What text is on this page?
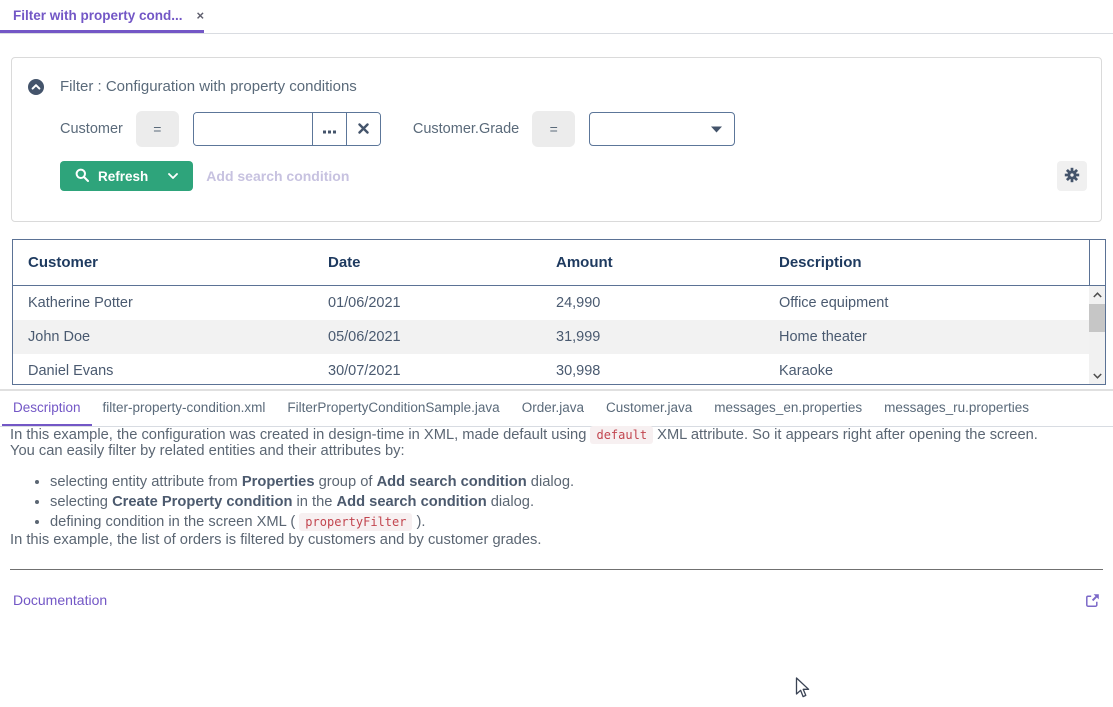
Filter with property cond... ×
Filter : Configuration with property conditions
Customer	=	Customer.Grade	=
Refresh	Add search condition
Customer	Date	Amount	Description
Katherine Potter	01/06/2021	24,990	Office equipment
John Doe	05/06/2021	31,999	Home theater
Daniel Evans	30/07/2021	30,998	Karaoke
Description	filter-property-condition.xml	FilterPropertyConditionSample.java	Order.java	Customer.java	messages_en.properties	messages_ru.properties

In this example, the configuration was created in design-time in XML, made default using default XML attribute. So it appears right after opening the screen.

You can easily filter by related entities and their attributes by:

• selecting entity attribute from Properties group of Add search condition dialog.
• selecting Create Property condition in the Add search condition dialog.
• defining condition in the screen XML ( propertyFilter ).

In this example, the list of orders is filtered by customers and by customer grades.

Documentation
